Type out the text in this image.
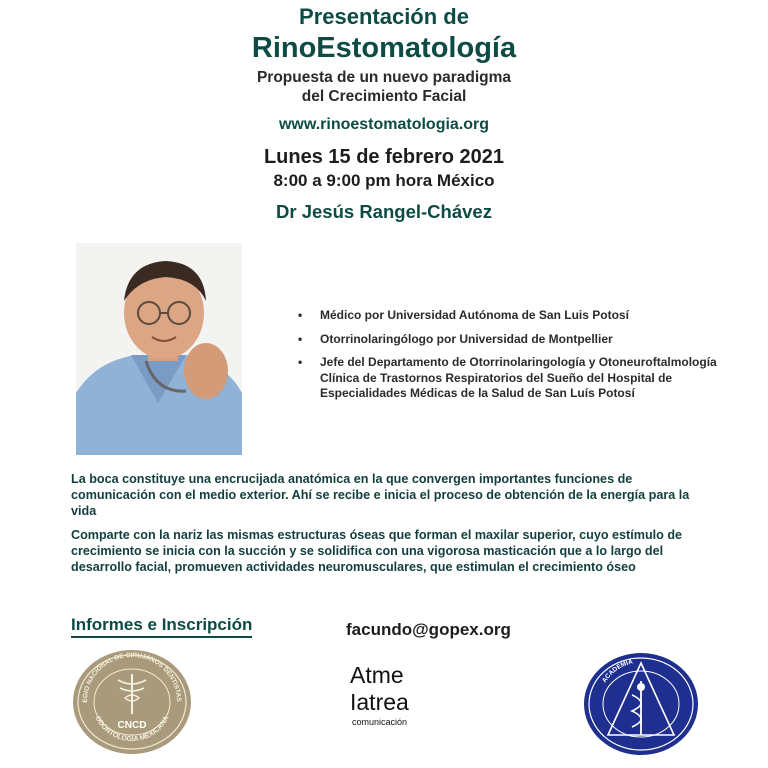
Presentación de
RinoEstomatología
Propuesta de un nuevo paradigma
del Crecimiento Facial
www.rinoestomatologia.org
Lunes 15 de febrero 2021
8:00 a 9:00 pm hora México
Dr Jesús Rangel-Chávez
• Médico por Universidad Autónoma de San Luis Potosí
• Otorrinolaringólogo por Universidad de Montpellier
• Jefe del Departamento de Otorrinolaringología y Otoneuroftalmología Clínica de Trastornos Respiratorios del Sueño del Hospital de Especialidades Médicas de la Salud de San Luís Potosí
La boca constituye una encrucijada anatómica en la que convergen importantes funciones de comunicación con el medio exterior. Ahí se recibe e inicia el proceso de obtención de la energía para la vida
Comparte con la nariz las mismas estructuras óseas que forman el maxilar superior, cuyo estímulo de crecimiento se inicia con la succión y se solidifica con una vigorosa masticación que a lo largo del desarrollo facial, promueven actividades neuromusculares, que estimulan el crecimiento óseo
Informes e Inscripción	facundo@gopex.org
EGIO NACIONAL DE CIRUJANOS DENTISTAS
ODONTOLOGÍA MEXICANA
CNCD
Atme
Iatrea
comunicación
ACADEMIA
